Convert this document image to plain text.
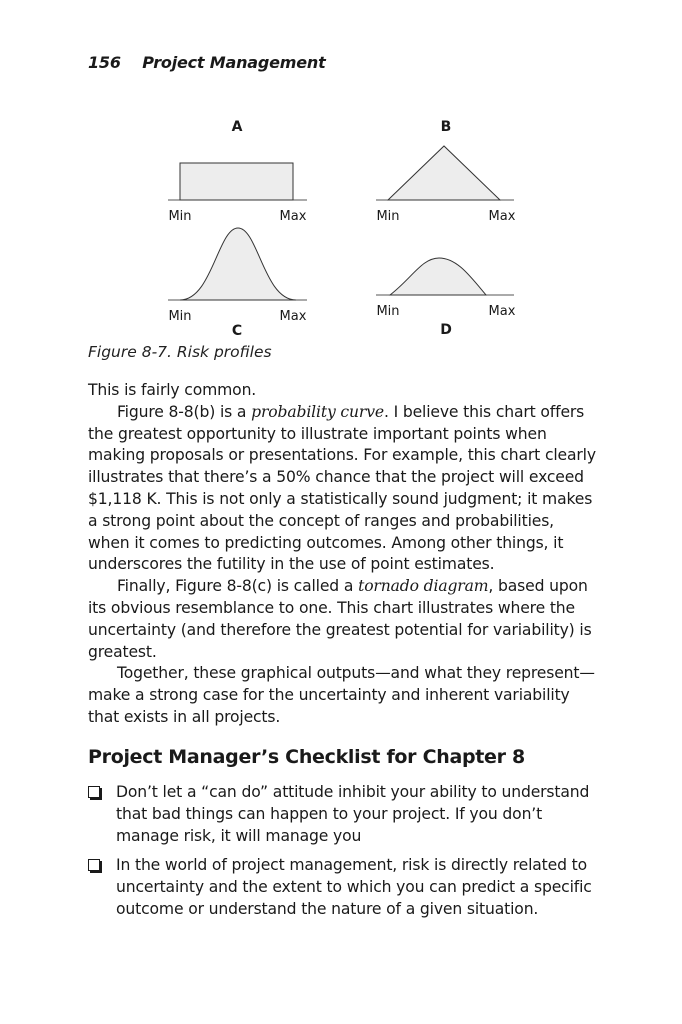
156 Project Management
A
Min	Max
B
Min	Max
Min	Max
C
Min	Max
D
Figure 8-7. Risk profiles

This is fairly common.

Figure 8-8(b) is a probability curve. I believe this chart offers the greatest opportunity to illustrate important points when making proposals or presentations. For example, this chart clearly illustrates that there’s a 50% chance that the project will exceed $1,118 K. This is not only a statistically sound judgment; it makes a strong point about the concept of ranges and probabilities, when it comes to predicting outcomes. Among other things, it underscores the futility in the use of point estimates.

Finally, Figure 8-8(c) is called a tornado diagram, based upon its obvious resemblance to one. This chart illustrates where the uncertainty (and therefore the greatest potential for variability) is greatest.

Together, these graphical outputs—and what they represent—make a strong case for the uncertainty and inherent variability that exists in all projects.

Project Manager’s Checklist for Chapter 8
Don’t let a “can do” attitude inhibit your ability to understand that bad things can happen to your project. If you don’t manage risk, it will manage you
In the world of project management, risk is directly related to uncertainty and the extent to which you can predict a specific outcome or understand the nature of a given situation.
